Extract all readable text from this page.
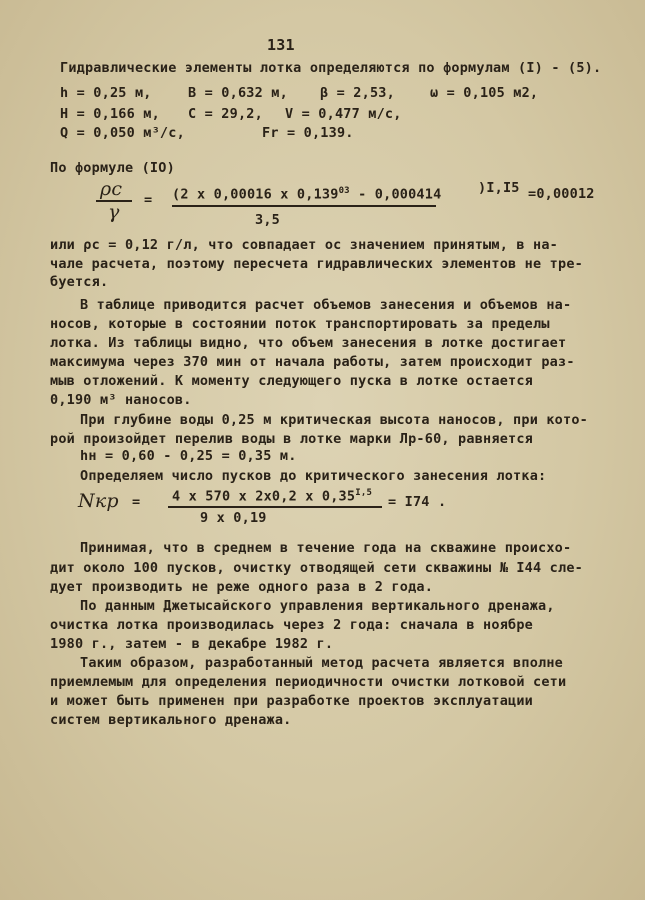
131
Гидравлические элементы лотка определяются по формулам (I) - (5).
h = 0,25 м,	B = 0,632 м, β = 2,53,	ω = 0,105 м2,
H = 0,166 м, C = 29,2, V = 0,477 м/с,
Q = 0,050 м³/с,	Fr = 0,139.
По формуле (IО)
ρc
γ
= (2 x 0,00016 x 0,139$^{03}$ - 0,000414	)I,I5 =0,00012
3,5
или ρc = 0,12 г/л, что совпадает ос значением принятым, в на-
чале расчета, поэтому пересчета гидравлических элементов не тре-
буется.
В таблице приводится расчет объемов занесения и объемов на-
носов, которые в состоянии поток транспортировать за пределы
лотка. Из таблицы видно, что объем занесения в лотке достигает
максимума через 370 мин от начала работы, затем происходит раз-
мыв отложений. К моменту следующего пуска в лотке остается
0,190 м³ наносов.
При глубине воды 0,25 м критическая высота наносов, при кото-
рой произойдет перелив воды в лотке марки Лр-60, равняется
hн = 0,60 - 0,25 = 0,35 м.
Определяем число пусков до критического занесения лотка:
Nкр = 4 x 570 x 2x0,2 x $0,35^{I,5}$
= I74 .
9 x 0,19
Принимая, что в среднем в течение года на скважине происхо-
дит около 100 пусков, очистку отводящей сети скважины № I44 сле-
дует производить не реже одного раза в 2 года.
По данным Джетысайского управления вертикального дренажа,
очистка лотка производилась через 2 года: сначала в ноябре
1980 г., затем - в декабре 1982 г.
Таким образом, разработанный метод расчета является вполне
приемлемым для определения периодичности очистки лотковой сети
и может быть применен при разработке проектов эксплуатации
систем вертикального дренажа.
